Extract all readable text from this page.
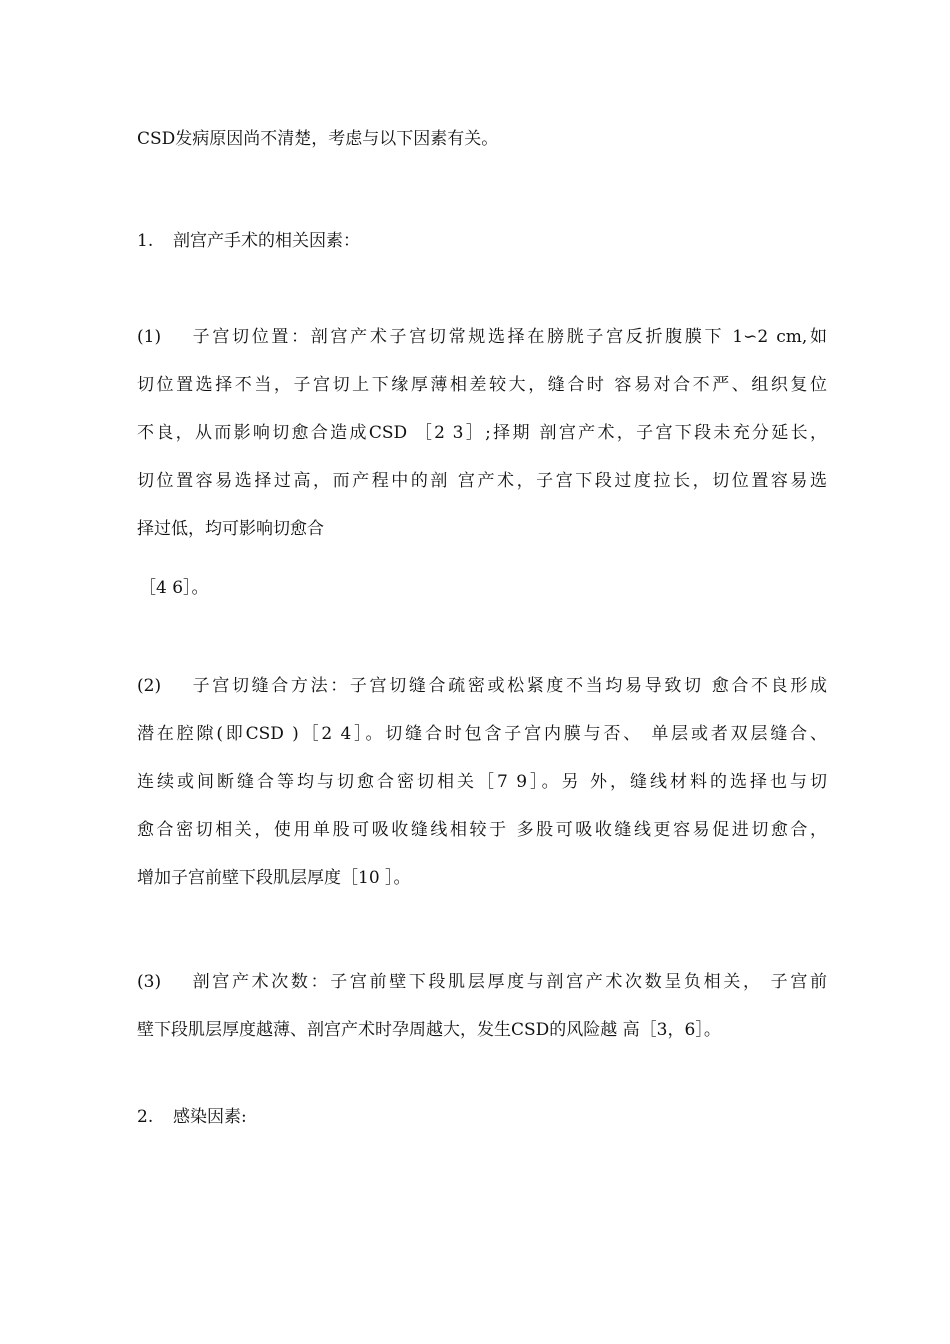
CSD发病原因尚不清楚，考虑与以下因素有关。
1. 剖宫产手术的相关因素：
(1) 子宫切位置：剖宫产术子宫切常规选择在膀胱子宫反折腹膜下 1∽2 cm,如
切位置选择不当，子宫切上下缘厚薄相差较大，缝合时 容易对合不严、组织复位
不良，从而影响切愈合造成CSD ［2 3］;择期 剖宫产术，子宫下段未充分延长，
切位置容易选择过高，而产程中的剖 宫产术，子宫下段过度拉长，切位置容易选
择过低，均可影响切愈合
［4 6］。
(2) 子宫切缝合方法：子宫切缝合疏密或松紧度不当均易导致切 愈合不良形成
潜在腔隙(即CSD )［2 4］。切缝合时包含子宫内膜与否、 单层或者双层缝合、
连续或间断缝合等均与切愈合密切相关［7 9］。另 外，缝线材料的选择也与切
愈合密切相关，使用单股可吸收缝线相较于 多股可吸收缝线更容易促进切愈合，
增加子宫前壁下段肌层厚度［10 ］。
(3) 剖宫产术次数：子宫前壁下段肌层厚度与剖宫产术次数呈负相关， 子宫前
壁下段肌层厚度越薄、剖宫产术时孕周越大，发生CSD的风险越 高［3，6］。
2. 感染因素:
